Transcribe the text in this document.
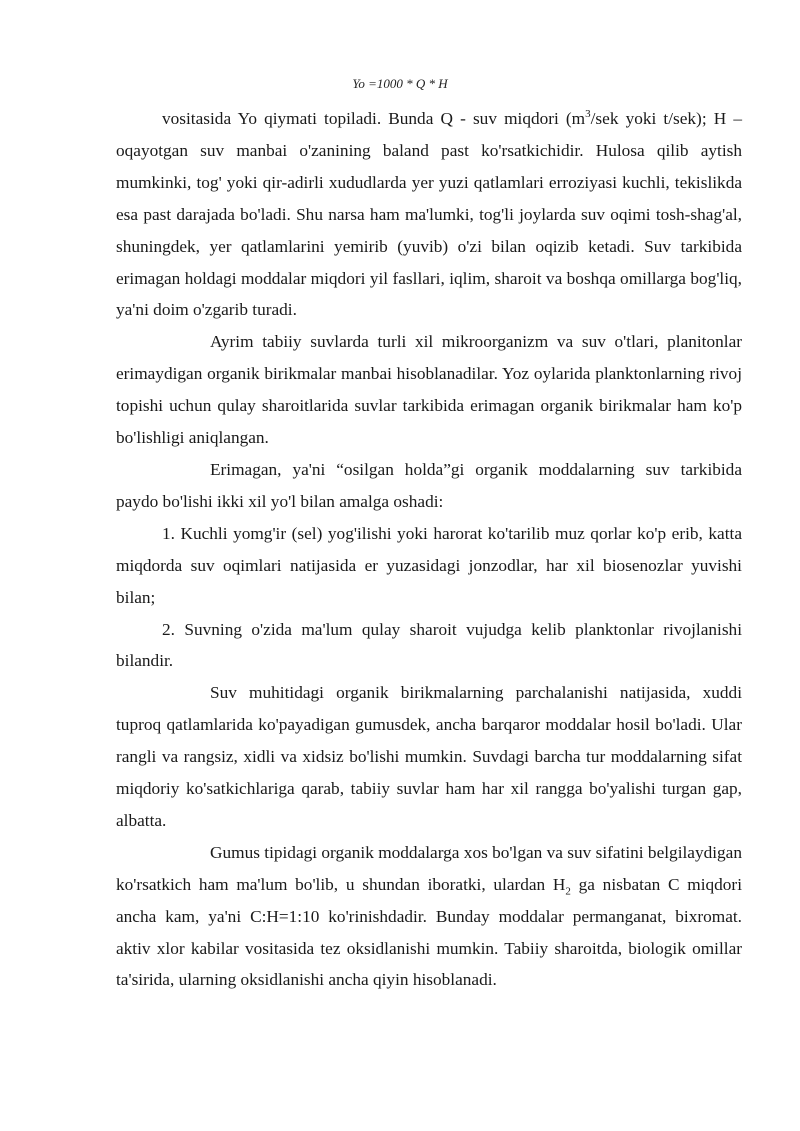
Yo =1000 * Q * H

vositasida Yo qiymati topiladi. Bunda Q - suv miqdori ($m^3$/sek yoki t/sek); H – oqayotgan suv manbai o'zanining baland past ko'rsatkichidir. Hulosa qilib aytish mumkinki, tog' yoki qir-adirli xududlarda yer yuzi qatlamlari erroziyasi kuchli, tekislikda esa past darajada bo'ladi. Shu narsa ham ma'lumki, tog'li joylarda suv oqimi tosh-shag'al, shuningdek, yer qatlamlarini yemirib (yuvib) o'zi bilan oqizib ketadi. Suv tarkibida erimagan holdagi moddalar miqdori yil fasllari, iqlim, sharoit va boshqa omillarga bog'liq, ya'ni doim o'zgarib turadi.

Ayrim tabiiy suvlarda turli xil mikroorganizm va suv o'tlari, planitonlar erimaydigan organik birikmalar manbai hisoblanadilar. Yoz oylarida planktonlarning rivoj topishi uchun qulay sharoitlarida suvlar tarkibida erimagan organik birikmalar ham ko'p bo'lishligi aniqlangan.

Erimagan, ya'ni “osilgan holda”gi organik moddalarning suv tarkibida paydo bo'lishi ikki xil yo'l bilan amalga oshadi:

1. Kuchli yomg'ir (sel) yog'ilishi yoki harorat ko'tarilib muz qorlar ko'p erib, katta miqdorda suv oqimlari natijasida er yuzasidagi jonzodlar, har xil biosenozlar yuvishi bilan;

2. Suvning o'zida ma'lum qulay sharoit vujudga kelib planktonlar rivojlanishi bilandir.

Suv muhitidagi organik birikmalarning parchalanishi natijasida, xuddi tuproq qatlamlarida ko'payadigan gumusdek, ancha barqaror moddalar hosil bo'ladi. Ular rangli va rangsiz, xidli va xidsiz bo'lishi mumkin. Suvdagi barcha tur moddalarning sifat miqdoriy ko'satkichlariga qarab, tabiiy suvlar ham har xil rangga bo'yalishi turgan gap, albatta.

Gumus tipidagi organik moddalarga xos bo'lgan va suv sifatini belgilaydigan ko'rsatkich ham ma'lum bo'lib, u shundan iboratki, ulardan $H_2$ ga nisbatan C miqdori ancha kam, ya'ni C:H=1:10 ko'rinishdadir. Bunday moddalar permanganat, bixromat. aktiv xlor kabilar vositasida tez oksidlanishi mumkin. Tabiiy sharoitda, biologik omillar ta'sirida, ularning oksidlanishi ancha qiyin hisoblanadi.
